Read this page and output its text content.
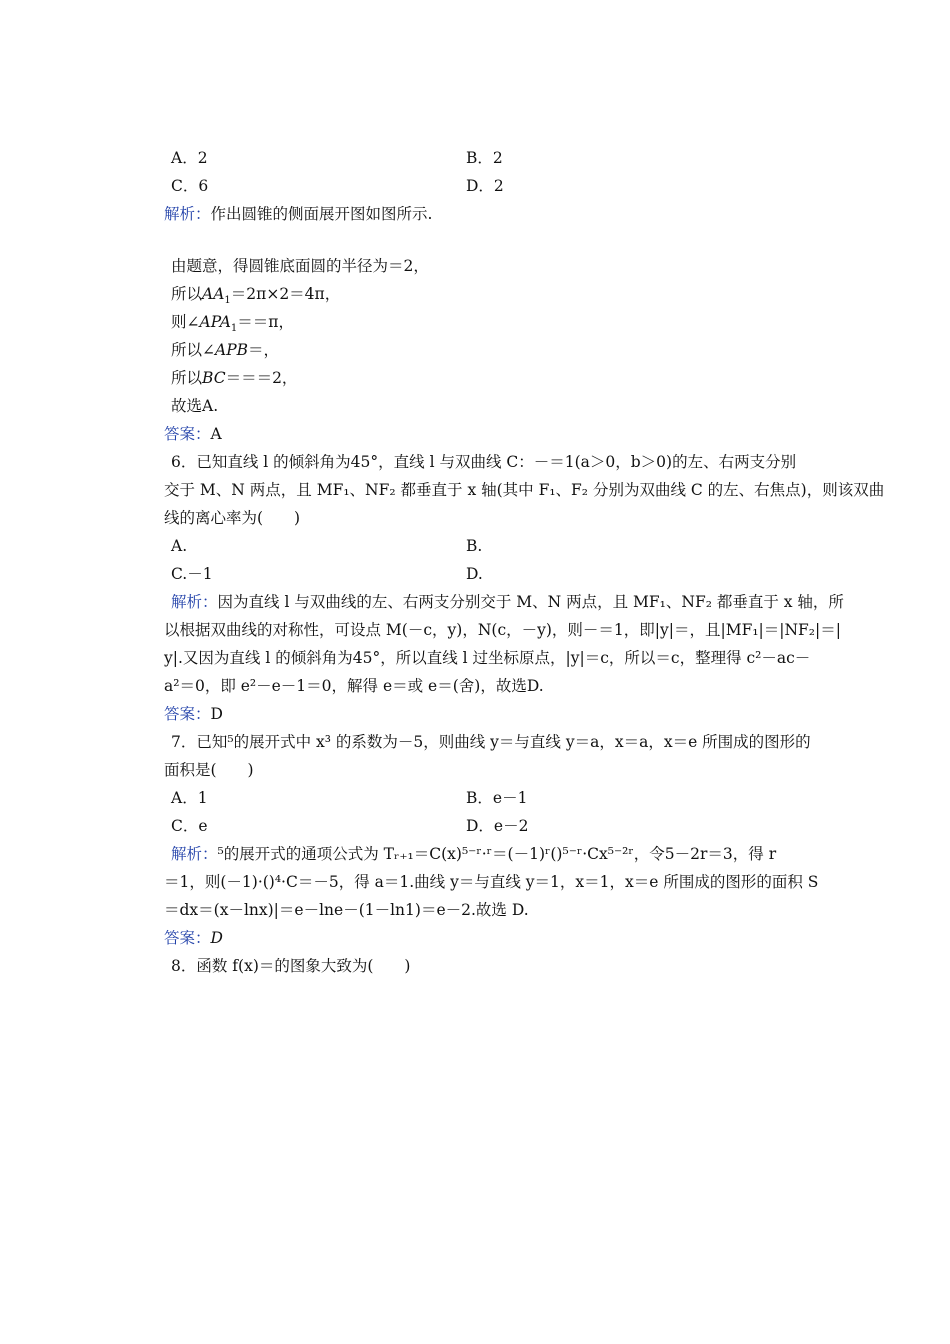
A．2	B．2
C．6	D．2
解析：作出圆锥的侧面展开图如图所示.
由题意，得圆锥底面圆的半径为＝2，
所以$AA_1=2\pi\times 2=4\pi$，
则$\angle APA_1==\pi$，
所以∠APB＝，
所以BC＝＝＝2，
故选A.
答案：A
6．已知直线 l 的倾斜角为45°，直线 l 与双曲线 C：－＝1(a＞0，b＞0)的左、右两支分别
交于 M、N 两点，且 MF₁、NF₂ 都垂直于 x 轴(其中 F₁、F₂ 分别为双曲线 C 的左、右焦点)，则该双曲
线的离心率为(　　)
A.	B.
C.－1	D.
解析：因为直线 l 与双曲线的左、右两支分别交于 M、N 两点，且 MF₁、NF₂ 都垂直于 x 轴，所
以根据双曲线的对称性，可设点 M(－c，y)，N(c，－y)，则－＝1，即|y|＝，且|MF₁|＝|NF₂|＝|
y|.又因为直线 l 的倾斜角为45°，所以直线 l 过坐标原点，|y|＝c，所以＝c，整理得 c²－ac－
a²＝0，即 e²－e－1＝0，解得 e＝或 e＝(舍)，故选D.
答案：D
7．已知⁵的展开式中 x³ 的系数为－5，则曲线 y＝与直线 y＝a，x＝a，x＝e 所围成的图形的
面积是(　　)
A．1	B．e－1
C．e	D．e－2
解析：⁵的展开式的通项公式为 Tᵣ₊₁＝C(x)⁵⁻ʳ·ʳ＝(－1)ʳ()⁵⁻ʳ·Cx⁵⁻²ʳ，令5－2r＝3，得 r
＝1，则(－1)·()⁴·C＝－5，得 a＝1.曲线 y＝与直线 y＝1，x＝1，x＝e 所围成的图形的面积 S
＝dx＝(x－lnx)|＝e－lne－(1－ln1)＝e－2.故选 D.
答案：D
8．函数 f(x)＝的图象大致为(　　)
